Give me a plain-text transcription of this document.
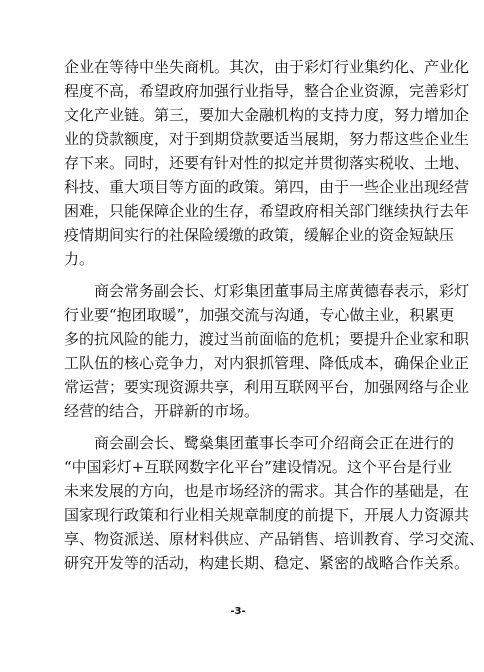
企业在等待中坐失商机。其次，由于彩灯行业集约化、产业化
程度不高，希望政府加强行业指导，整合企业资源，完善彩灯
文化产业链。第三，要加大金融机构的支持力度，努力增加企
业的贷款额度，对于到期贷款要适当展期，努力帮这些企业生
存下来。同时，还要有针对性的拟定并贯彻落实税收、土地、
科技、重大项目等方面的政策。第四，由于一些企业出现经营
困难，只能保障企业的生存，希望政府相关部门继续执行去年
疫情期间实行的社保险缓缴的政策，缓解企业的资金短缺压
力。
　　商会常务副会长、灯彩集团董事局主席黄德春表示，彩灯
行业要“抱团取暖”，加强交流与沟通，专心做主业，积累更
多的抗风险的能力，渡过当前面临的危机；要提升企业家和职
工队伍的核心竞争力，对内狠抓管理、降低成本，确保企业正
常运营；要实现资源共享，利用互联网平台，加强网络与企业
经营的结合，开辟新的市场。
　　商会副会长、鹭燊集团董事长李可介绍商会正在进行的
“中国彩灯+互联网数字化平台”建设情况。这个平台是行业
未来发展的方向，也是市场经济的需求。其合作的基础是，在
国家现行政策和行业相关规章制度的前提下，开展人力资源共
享、物资派送、原材料供应、产品销售、培训教育、学习交流、
研究开发等的活动，构建长期、稳定、紧密的战略合作关系。
-3-
